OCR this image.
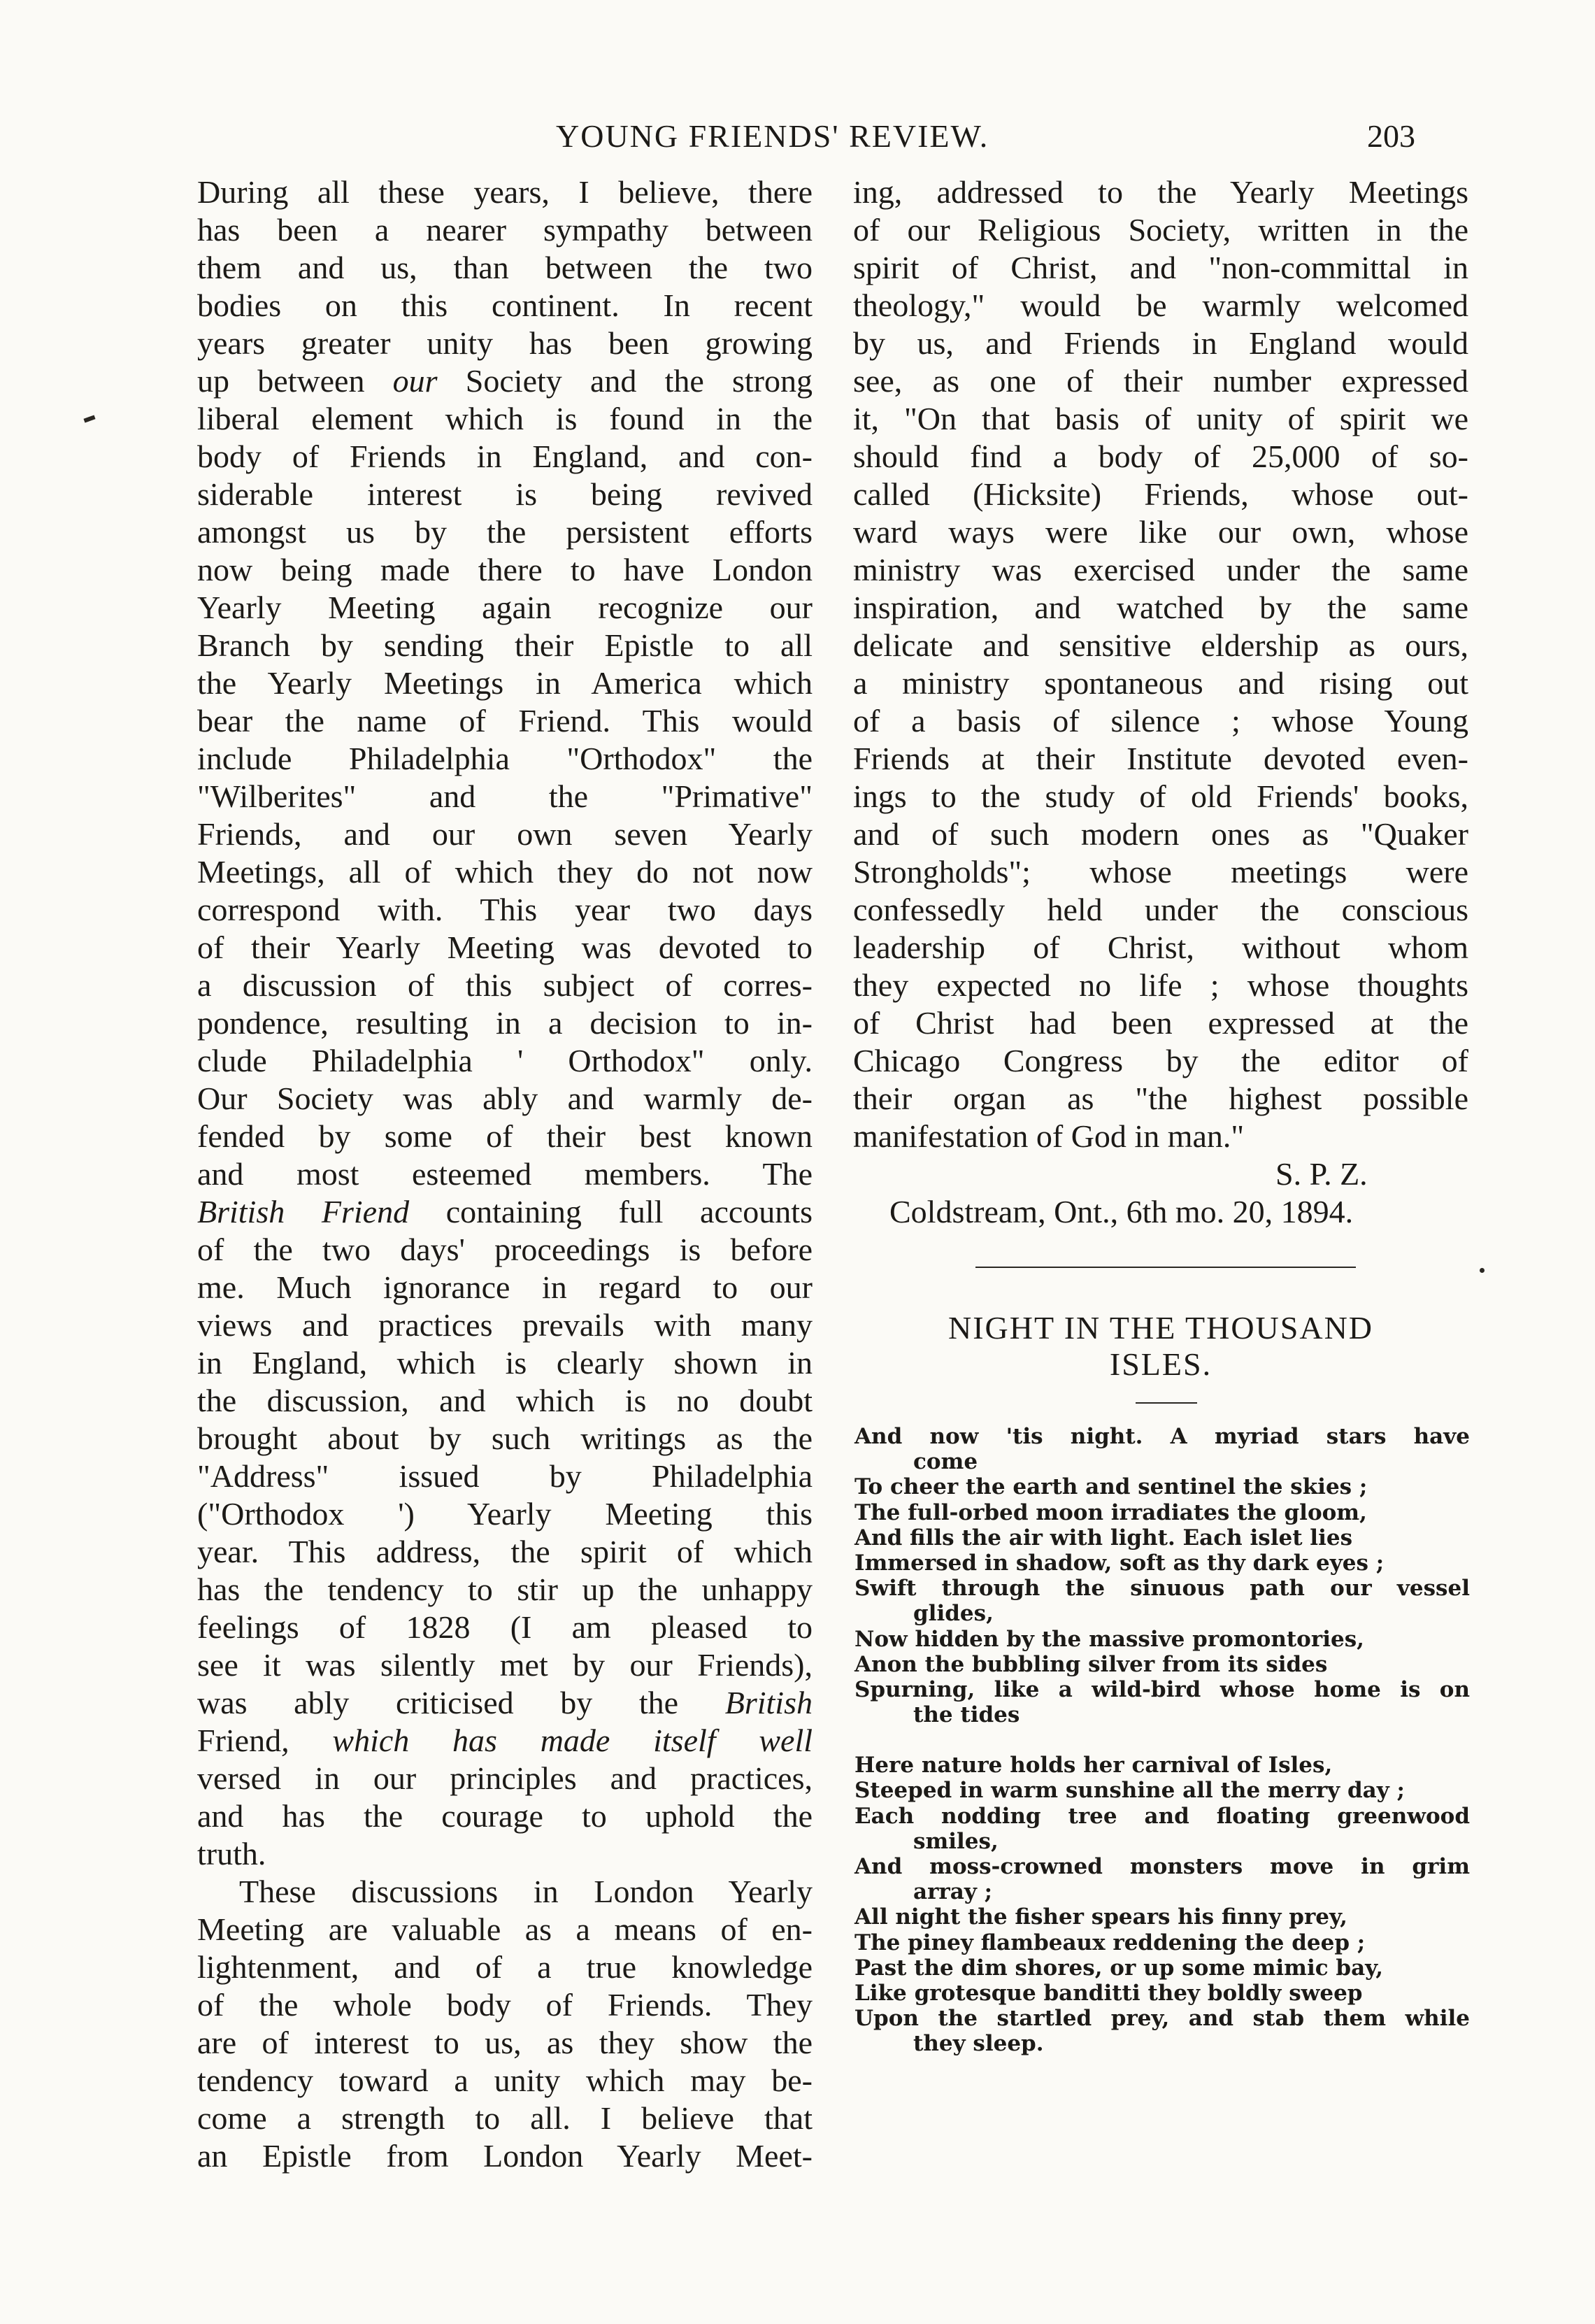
YOUNG FRIENDS' REVIEW.	203
During all these years, I believe, there
has been a nearer sympathy between
them and us, than between the two
bodies on this continent. In recent
years greater unity has been growing
up between our Society and the strong
liberal element which is found in the
body of Friends in England, and con-
siderable interest is being revived
amongst us by the persistent efforts
now being made there to have London
Yearly Meeting again recognize our
Branch by sending their Epistle to all
the Yearly Meetings in America which
bear the name of Friend. This would
include Philadelphia "Orthodox" the
"Wilberites" and the "Primative"
Friends, and our own seven Yearly
Meetings, all of which they do not now
correspond with. This year two days
of their Yearly Meeting was devoted to
a discussion of this subject of corres-
pondence, resulting in a decision to in-
clude Philadelphia ' Orthodox" only.
Our Society was ably and warmly de-
fended by some of their best known
and most esteemed members. The
British Friend containing full accounts
of the two days' proceedings is before
me. Much ignorance in regard to our
views and practices prevails with many
in England, which is clearly shown in
the discussion, and which is no doubt
brought about by such writings as the
"Address" issued by Philadelphia
("Orthodox ') Yearly Meeting this
year. This address, the spirit of which
has the tendency to stir up the unhappy
feelings of 1828 (I am pleased to
see it was silently met by our Friends),
was ably criticised by the British
Friend, which has made itself well
versed in our principles and practices,
and has the courage to uphold the
truth.
These discussions in London Yearly
Meeting are valuable as a means of en-
lightenment, and of a true knowledge
of the whole body of Friends. They
are of interest to us, as they show the
tendency toward a unity which may be-
come a strength to all. I believe that
an Epistle from London Yearly Meet-
ing, addressed to the Yearly Meetings
of our Religious Society, written in the
spirit of Christ, and "non-committal in
theology," would be warmly welcomed
by us, and Friends in England would
see, as one of their number expressed
it, "On that basis of unity of spirit we
should find a body of 25,000 of so-
called (Hicksite) Friends, whose out-
ward ways were like our own, whose
ministry was exercised under the same
inspiration, and watched by the same
delicate and sensitive eldership as ours,
a ministry spontaneous and rising out
of a basis of silence ; whose Young
Friends at their Institute devoted even-
ings to the study of old Friends' books,
and of such modern ones as "Quaker
Strongholds"; whose meetings were
confessedly held under the conscious
leadership of Christ, without whom
they expected no life ; whose thoughts
of Christ had been expressed at the
Chicago Congress by the editor of
their organ as "the highest possible
manifestation of God in man."
S. P. Z.
Coldstream, Ont., 6th mo. 20, 1894.
NIGHT IN THE THOUSAND
ISLES.
And now 'tis night. A myriad stars have
come
To cheer the earth and sentinel the skies ;
The full-orbed moon irradiates the gloom,
And fills the air with light. Each islet lies
Immersed in shadow, soft as thy dark eyes ;
Swift through the sinuous path our vessel
glides,
Now hidden by the massive promontories,
Anon the bubbling silver from its sides
Spurning, like a wild-bird whose home is on
the tides
Here nature holds her carnival of Isles,
Steeped in warm sunshine all the merry day ;
Each nodding tree and floating greenwood
smiles,
And moss-crowned monsters move in grim
array ;
All night the fisher spears his finny prey,
The piney flambeaux reddening the deep ;
Past the dim shores, or up some mimic bay,
Like grotesque banditti they boldly sweep
Upon the startled prey, and stab them while
they sleep.
